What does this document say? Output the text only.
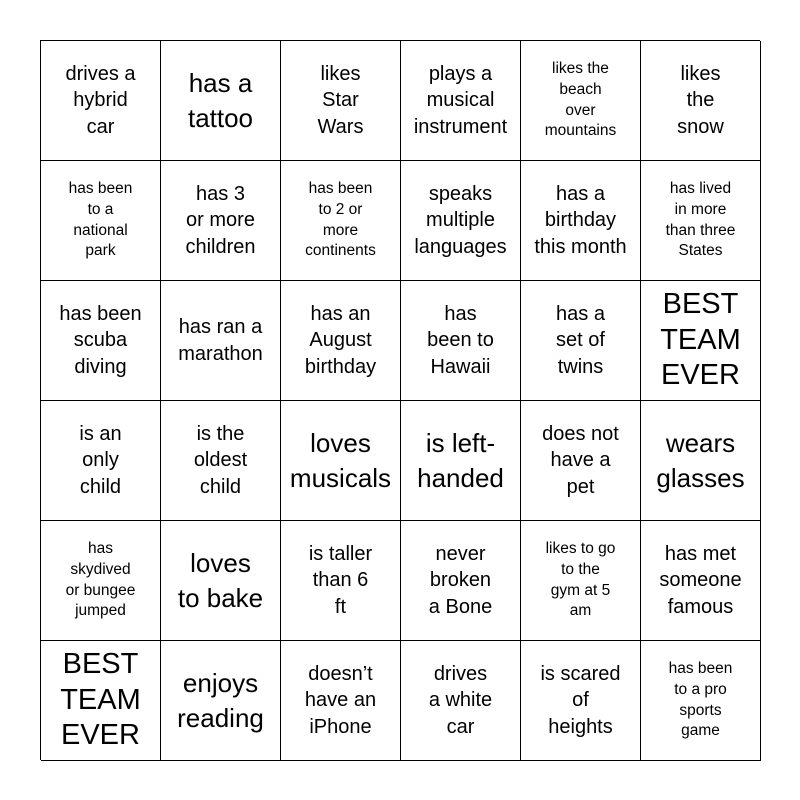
drives a
hybrid
car
has a
tattoo
likes
Star
Wars
plays a
musical
instrument
likes the
beach
over
mountains
likes
the
snow
has been
to a
national
park
has 3
or more
children
has been
to 2 or
more
continents
speaks
multiple
languages
has a
birthday
this month
has lived
in more
than three
States
has been
scuba
diving
has ran a
marathon
has an
August
birthday
has
been to
Hawaii
has a
set of
twins
BEST
TEAM
EVER
is an
only
child
is the
oldest
child
loves
musicals
is left-
handed
does not
have a
pet
wears
glasses
has
skydived
or bungee
jumped
loves
to bake
is taller
than 6
ft
never
broken
a Bone
likes to go
to the
gym at 5
am
has met
someone
famous
BEST
TEAM
EVER
enjoys
reading
doesn’t
have an
iPhone
drives
a white
car
is scared
of
heights
has been
to a pro
sports
game
